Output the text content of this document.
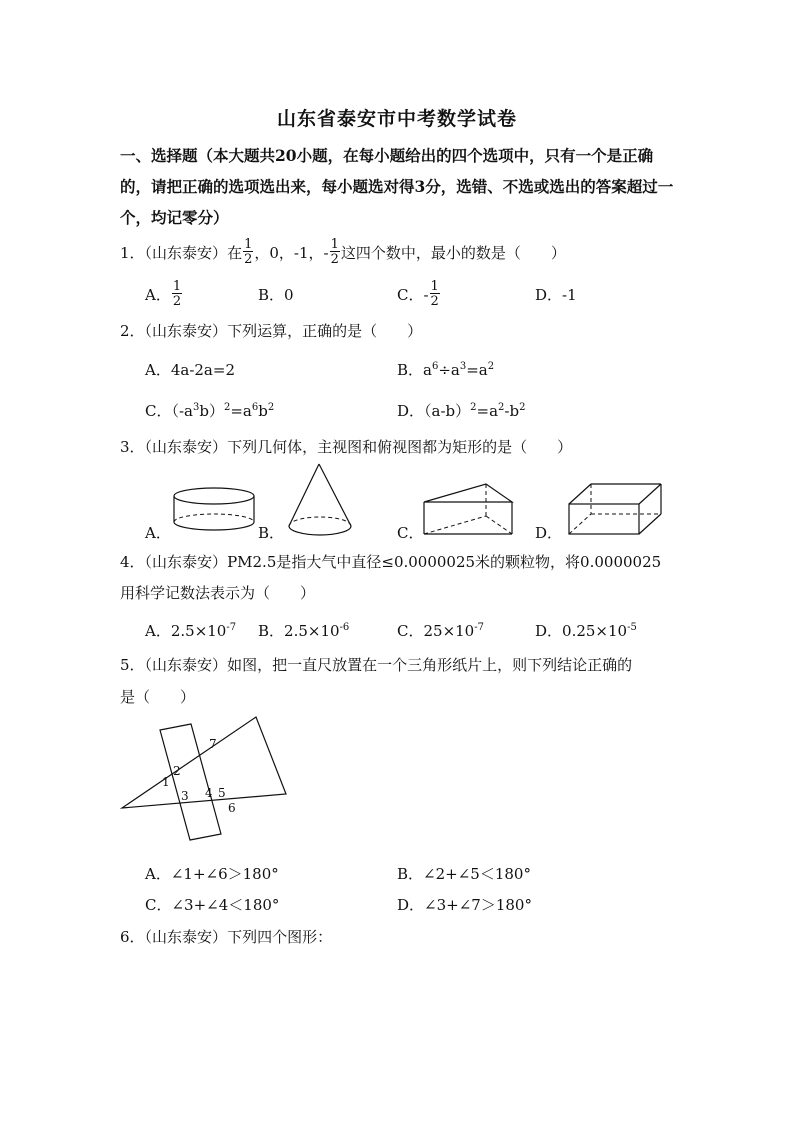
山东省泰安市中考数学试卷
一、选择题（本大题共20小题，在每小题给出的四个选项中，只有一个是正确的，请把正确的选项选出来，每小题选对得3分，选错、不选或选出的答案超过一个，均记零分）
1．（山东泰安）在 $\frac{1}{2}$ ，0，-1，- $\frac{1}{2}$ 这四个数中，最小的数是（　　）
A． $\frac{1}{2}$	B．0	C．- $\frac{1}{2}$	D．-1
2．（山东泰安）下列运算，正确的是（　　）
A．4a-2a=2	B．$a^6\div a^3=a^2$
C．$(-a^3b)^2=a^6b^2$	D．$(a-b)^2=a^2-b^2$
3．（山东泰安）下列几何体，主视图和俯视图都为矩形的是（　　）
A．	B．	C．	D．
4．（山东泰安）PM2.5是指大气中直径≤0.0000025米的颗粒物，将0.0000025
用科学记数法表示为（　　）
A．$2.5\times 10^{-7}$ B．$2.5\times 10^{-6}$	C．$25\times 10^{-7}$	D．$0.25\times 10^{-5}$
5．（山东泰安）如图，把一直尺放置在一个三角形纸片上，则下列结论正确的
是（　　）
1
2
3 4 5
6
7
A．∠1+∠6＞180°	B．∠2+∠5＜180°
C．∠3+∠4＜180°	D．∠3+∠7＞180°
6．（山东泰安）下列四个图形：
